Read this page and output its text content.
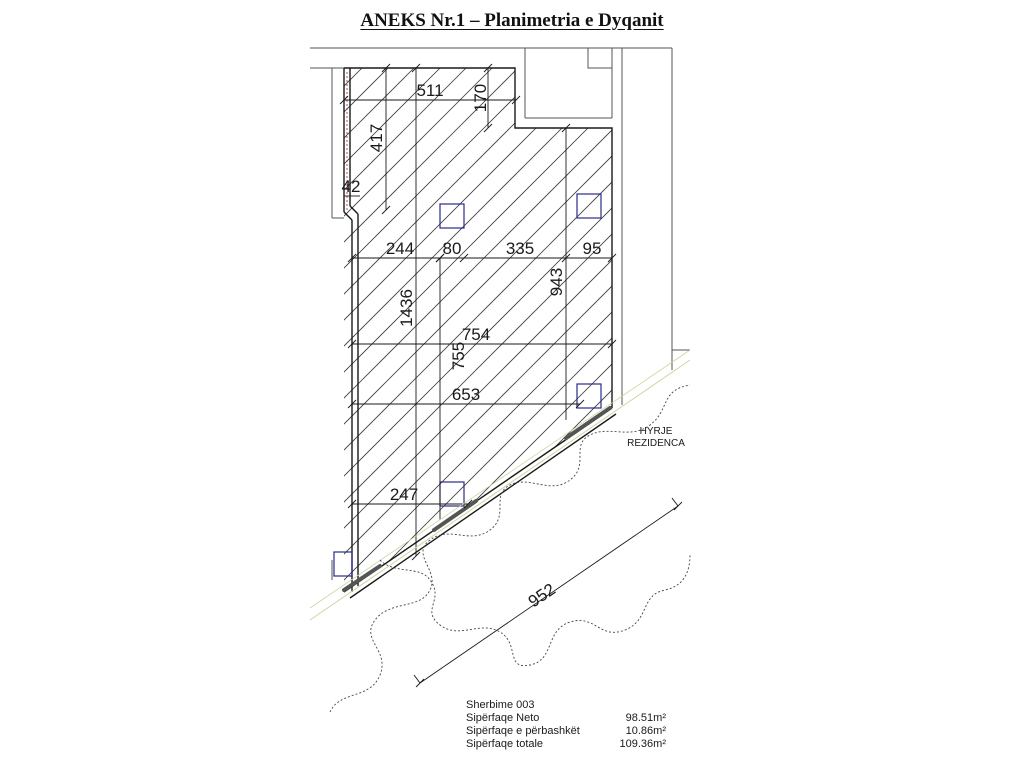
ANEKS Nr.1 – Planimetria e Dyqanit
511 170
417
42
244 80	335	95
943
1436
754
755
653
247
952
HYRJE
REZIDENCA
Sherbime 003
Sipërfaqe Neto	98.51m²
Sipërfaqe e përbashkët	10.86m²
Sipërfaqe totale	109.36m²
